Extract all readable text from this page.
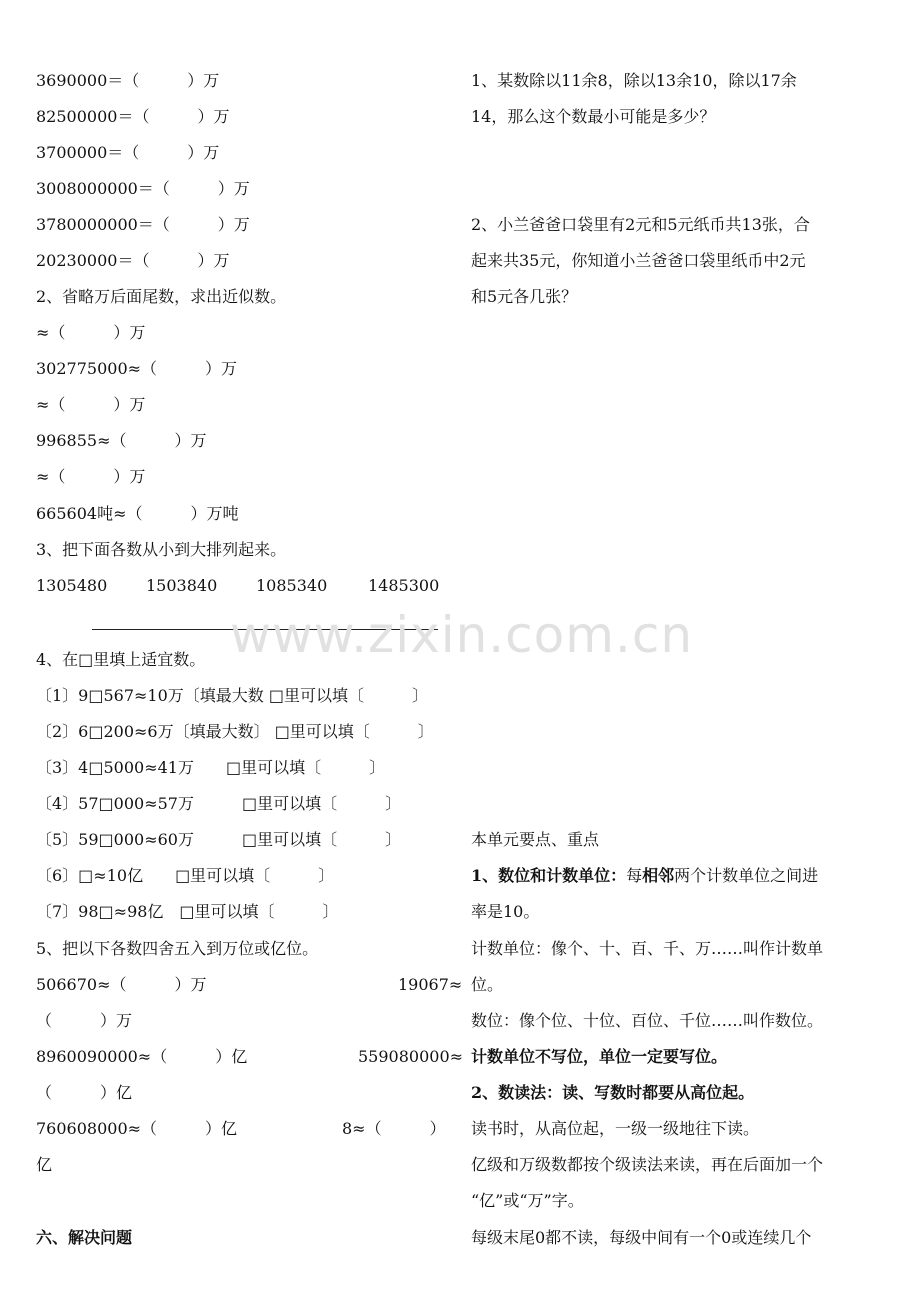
www.zixin.com.cn
1、数位和计数单位：每相邻两个计数单位之间进
3690000＝（　　　）万
82500000＝（　　　）万
3700000＝（　　　）万
3008000000＝（　　　）万
3780000000＝（　　　）万
20230000＝（　　　）万
2、省略万后面尾数，求出近似数。
≈（　　　）万
302775000≈（　　　）万
≈（　　　）万
996855≈（　　　）万
≈（　　　）万
665604吨≈（　　　）万吨
3、把下面各数从小到大排列起来。
1305480 1503840 1085340	1485300
4、在□里填上适宜数。
〔1〕9□567≈10万〔填最大数 □里可以填〔　　　〕
〔2〕6□200≈6万〔填最大数〕 □里可以填〔　　　〕
〔3〕4□5000≈41万　　□里可以填〔　　　〕
〔4〕57□000≈57万　　　□里可以填〔　　　〕
〔5〕59□000≈60万　　　□里可以填〔　　　〕
〔6〕□≈10亿　　□里可以填〔　　　〕
〔7〕98□≈98亿　□里可以填〔　　　〕
5、把以下各数四舍五入到万位或亿位。
506670≈（　　　）万	19067≈
（　　　）万
8960090000≈（　　　）亿	559080000≈
（　　　）亿
760608000≈（　　　）亿	8≈（　　　）
亿
六、解决问题
1、某数除以11余8，除以13余10，除以17余
14，那么这个数最小可能是多少？
2、小兰爸爸口袋里有2元和5元纸币共13张，合
起来共35元，你知道小兰爸爸口袋里纸币中2元
和5元各几张？
本单元要点、重点
率是10。
计数单位：像个、十、百、千、万……叫作计数单
位。
数位：像个位、十位、百位、千位……叫作数位。
计数单位不写位，单位一定要写位。
2、数读法：读、写数时都要从高位起。
读书时，从高位起，一级一级地往下读。
亿级和万级数都按个级读法来读，再在后面加一个
“亿”或“万”字。
每级末尾0都不读，每级中间有一个0或连续几个
